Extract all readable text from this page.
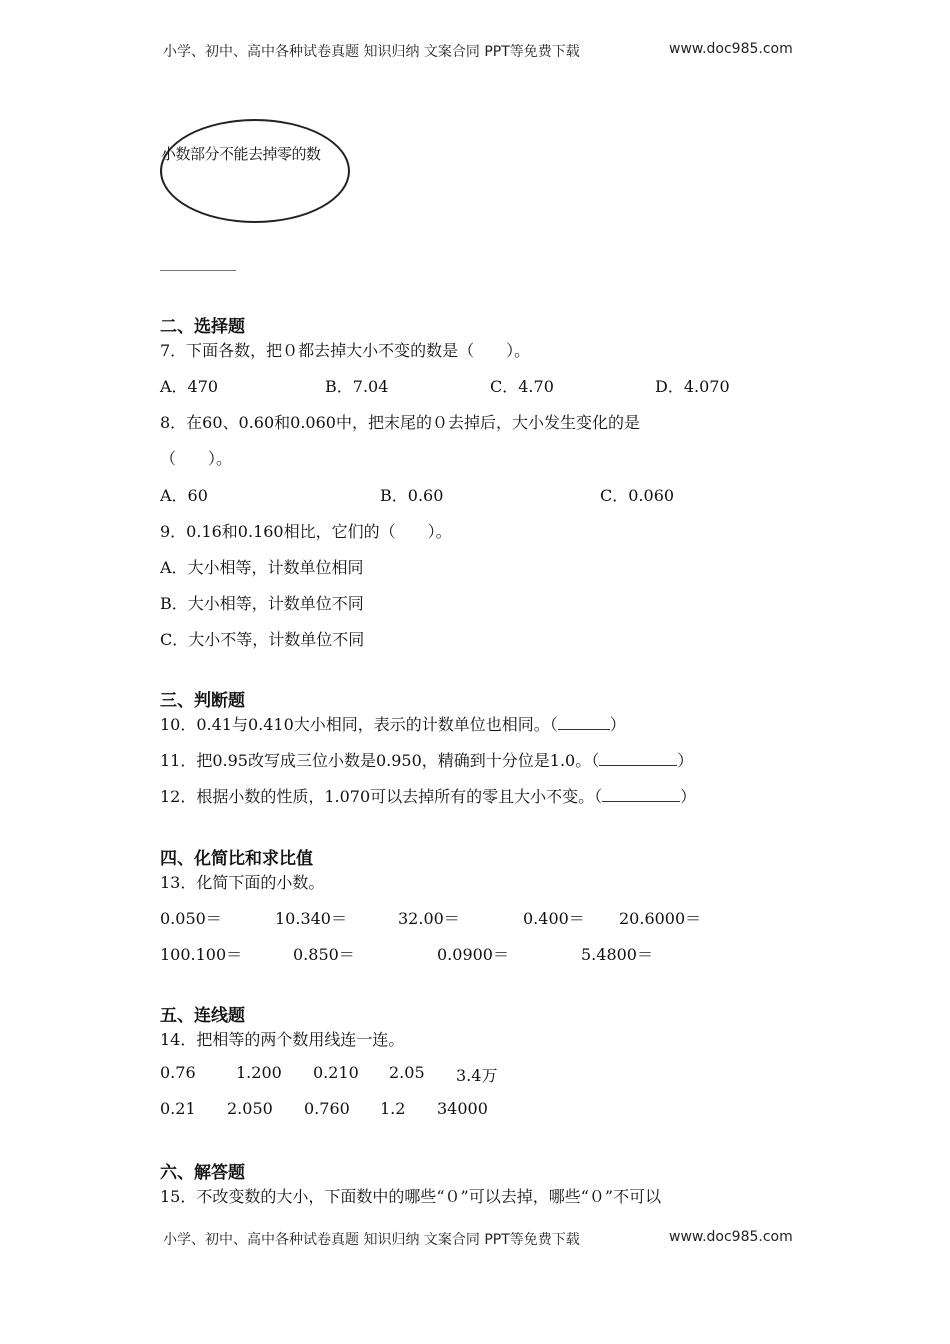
小学、初中、高中各种试卷真题 知识归纳 文案合同 PPT等免费下载	www.doc985.com
小数部分不能去掉零的数
二、选择题
7．下面各数，把０都去掉大小不变的数是（　　）。
A．470	B．7.04	C．4.70	D．4.070
8．在60、0.60和0.060中，把末尾的０去掉后，大小发生变化的是
（　　）。
A．60	B．0.60	C．0.060
9．0.16和0.160相比，它们的（　　）。
A．大小相等，计数单位相同
B．大小相等，计数单位不同
C．大小不等，计数单位不同
三、判断题
10．0.41与0.410大小相同，表示的计数单位也相同。（	）
11．把0.95改写成三位小数是0.950，精确到十分位是1.0。（	）
12．根据小数的性质，1.070可以去掉所有的零且大小不变。（	）
四、化简比和求比值
13．化简下面的小数。
0.050＝	10.340＝	32.00＝	0.400＝ 20.6000＝
100.100＝	0.850＝	0.0900＝	5.4800＝
五、连线题
14．把相等的两个数用线连一连。
0.76	1.200 0.210 2.05 3.4万
0.21 2.050 0.760 1.2 34000
六、解答题
15．不改变数的大小，下面数中的哪些“０”可以去掉，哪些“０”不可以
小学、初中、高中各种试卷真题 知识归纳 文案合同 PPT等免费下载	www.doc985.com
